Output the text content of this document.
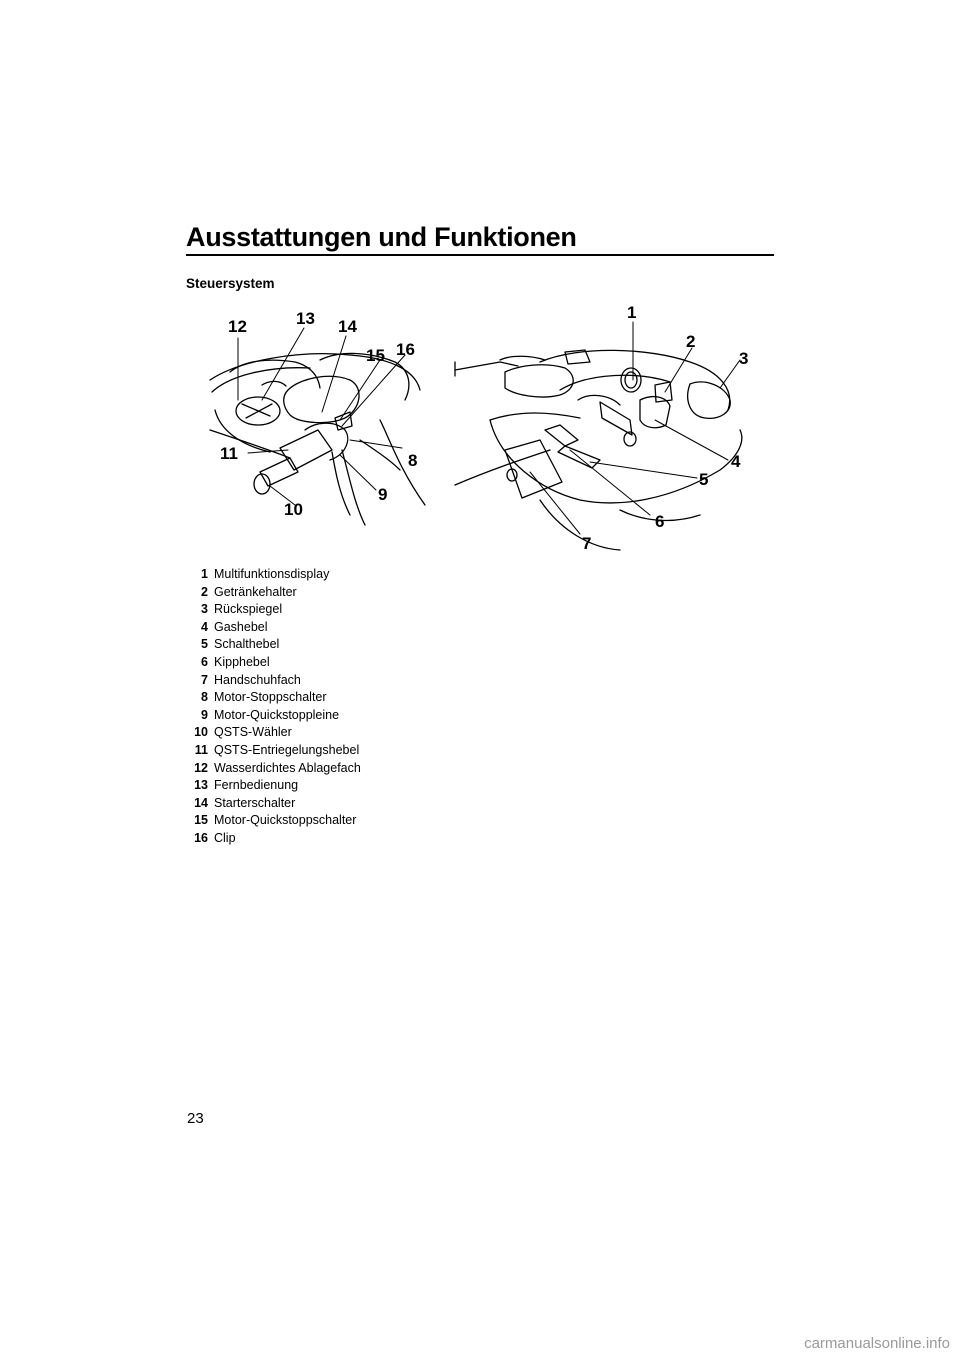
Ausstattungen und Funktionen
Steuersystem
12	13 14
15 16
11	8
9
10
1
2
3
4
5
6
7
1 Multifunktionsdisplay
2 Getränkehalter
3 Rückspiegel
4 Gashebel
5 Schalthebel
6 Kipphebel
7 Handschuhfach
8 Motor-Stoppschalter
9 Motor-Quickstoppleine
10 QSTS-Wähler
11 QSTS-Entriegelungshebel
12 Wasserdichtes Ablagefach
13 Fernbedienung
14 Starterschalter
15 Motor-Quickstoppschalter
16 Clip
23
carmanualsonline.info
